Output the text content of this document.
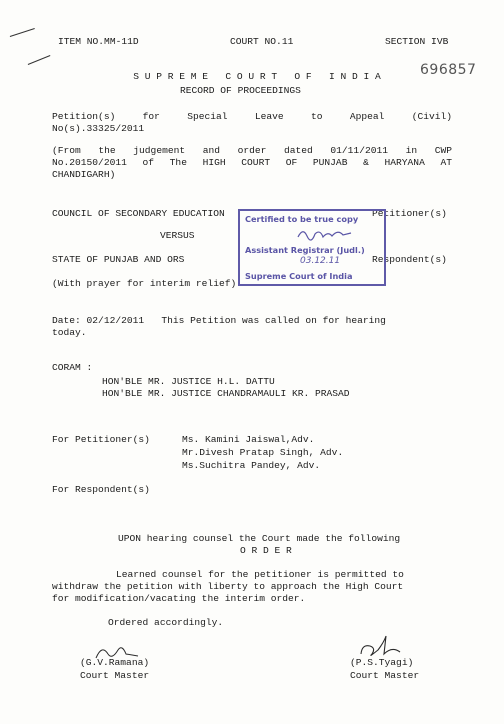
ITEM NO.MM-11D	COURT NO.11	SECTION IVB
696857
S U P R E M E   C O U R T   O F   I N D I A
RECORD OF PROCEEDINGS
Petition(s) for Special Leave to Appeal (Civil)
No(s).33325/2011
(From the judgement and order dated 01/11/2011 in CWP
No.20150/2011 of The HIGH COURT OF PUNJAB & HARYANA AT
CHANDIGARH)
COUNCIL OF SECONDARY EDUCATION	Petitioner(s)
VERSUS
STATE OF PUNJAB AND ORS	Respondent(s)
(With prayer for interim relief)
Certified to be true copy
Assistant Registrar (Judl.)
03.12.11
Supreme Court of India
Date: 02/12/2011   This Petition was called on for hearing
today.
CORAM :
HON'BLE MR. JUSTICE H.L. DATTU
HON'BLE MR. JUSTICE CHANDRAMAULI KR. PRASAD
For Petitioner(s)	Ms. Kamini Jaiswal,Adv.
Mr.Divesh Pratap Singh, Adv.
Ms.Suchitra Pandey, Adv.
For Respondent(s)
UPON hearing counsel the Court made the following
O R D E R
Learned counsel for the petitioner is permitted to
withdraw the petition with liberty to approach the High Court
for modification/vacating the interim order.
Ordered accordingly.
(G.V.Ramana)
Court Master
(P.S.Tyagi)
Court Master
